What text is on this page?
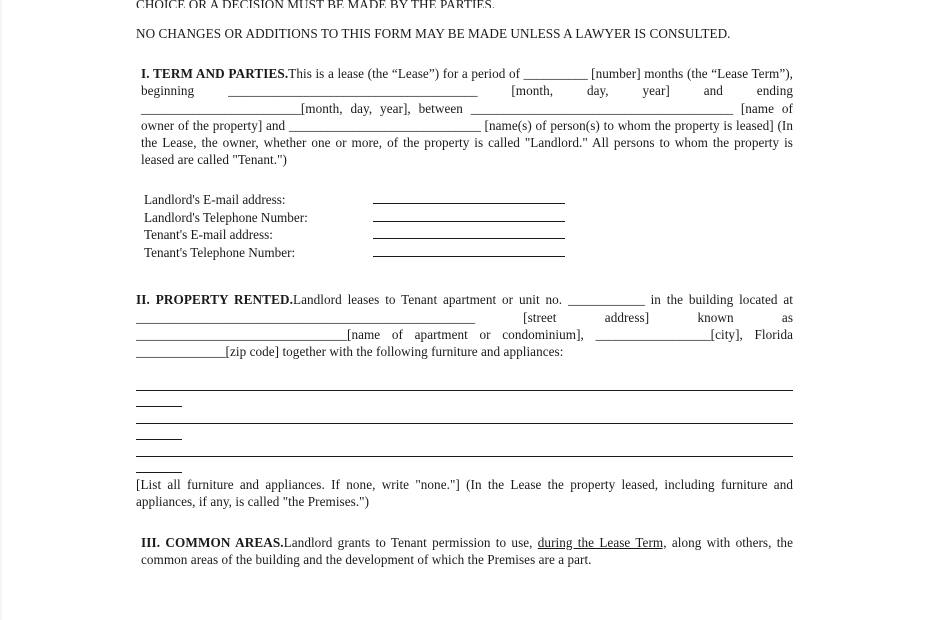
CHOICE OR A DECISION MUST BE MADE BY THE PARTIES.

NO CHANGES OR ADDITIONS TO THIS FORM MAY BE MADE UNLESS A LAWYER IS CONSULTED.

I. TERM AND PARTIES.This is a lease (the “Lease”) for a period of __________ [number] months (the “Lease Term”), beginning _______________________________________ [month, day, year] and ending _________________________[month, day, year], between _________________________________________ [name of owner of the property] and ______________________________ [name(s) of person(s) to whom the property is leased] (In the Lease, the owner, whether one or more, of the property is called "Landlord." All persons to whom the property is leased are called "Tenant.")

Landlord's E-mail address:
Landlord's Telephone Number:
Tenant's E-mail address:
Tenant's Telephone Number:

II. PROPERTY RENTED.Landlord leases to Tenant apartment or unit no. ____________ in the building located at _____________________________________________________ [street address] known as _________________________________[name of apartment or condominium], __________________[city], Florida ______________[zip code] together with the following furniture and appliances:

[List all furniture and appliances. If none, write "none."] (In the Lease the property leased, including furniture and appliances, if any, is called "the Premises.")

III. COMMON AREAS.Landlord grants to Tenant permission to use, during the Lease Term, along with others, the common areas of the building and the development of which the Premises are a part.
